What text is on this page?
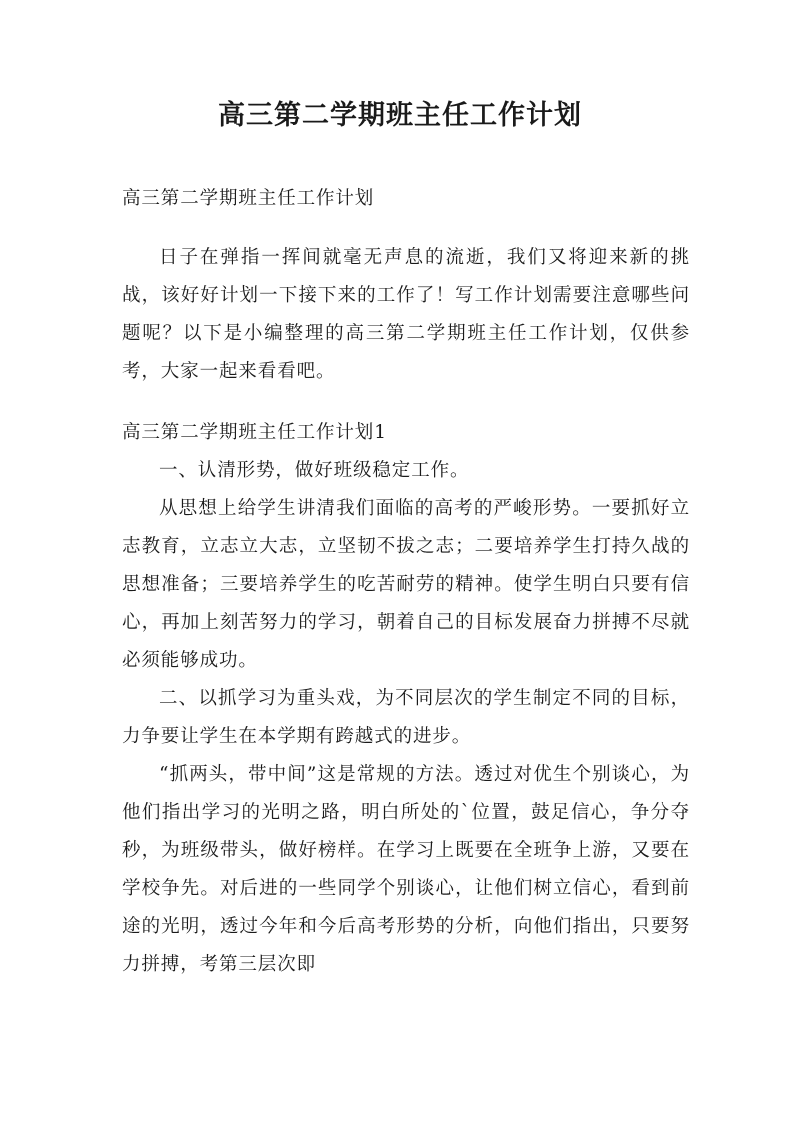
高三第二学期班主任工作计划

高三第二学期班主任工作计划

日子在弹指一挥间就毫无声息的流逝，我们又将迎来新的挑战，该好好计划一下接下来的工作了！写工作计划需要注意哪些问题呢？以下是小编整理的高三第二学期班主任工作计划，仅供参考，大家一起来看看吧。

高三第二学期班主任工作计划1

一、认清形势，做好班级稳定工作。

从思想上给学生讲清我们面临的高考的严峻形势。一要抓好立志教育，立志立大志，立坚韧不拔之志；二要培养学生打持久战的思想准备；三要培养学生的吃苦耐劳的精神。使学生明白只要有信心，再加上刻苦努力的学习，朝着自己的目标发展奋力拼搏不尽就必须能够成功。

二、以抓学习为重头戏，为不同层次的学生制定不同的目标，力争要让学生在本学期有跨越式的进步。

“抓两头，带中间”这是常规的方法。透过对优生个别谈心，为他们指出学习的光明之路，明白所处的`位置，鼓足信心，争分夺秒，为班级带头，做好榜样。在学习上既要在全班争上游，又要在学校争先。对后进的一些同学个别谈心，让他们树立信心，看到前途的光明，透过今年和今后高考形势的分析，向他们指出，只要努力拼搏，考第三层次即
